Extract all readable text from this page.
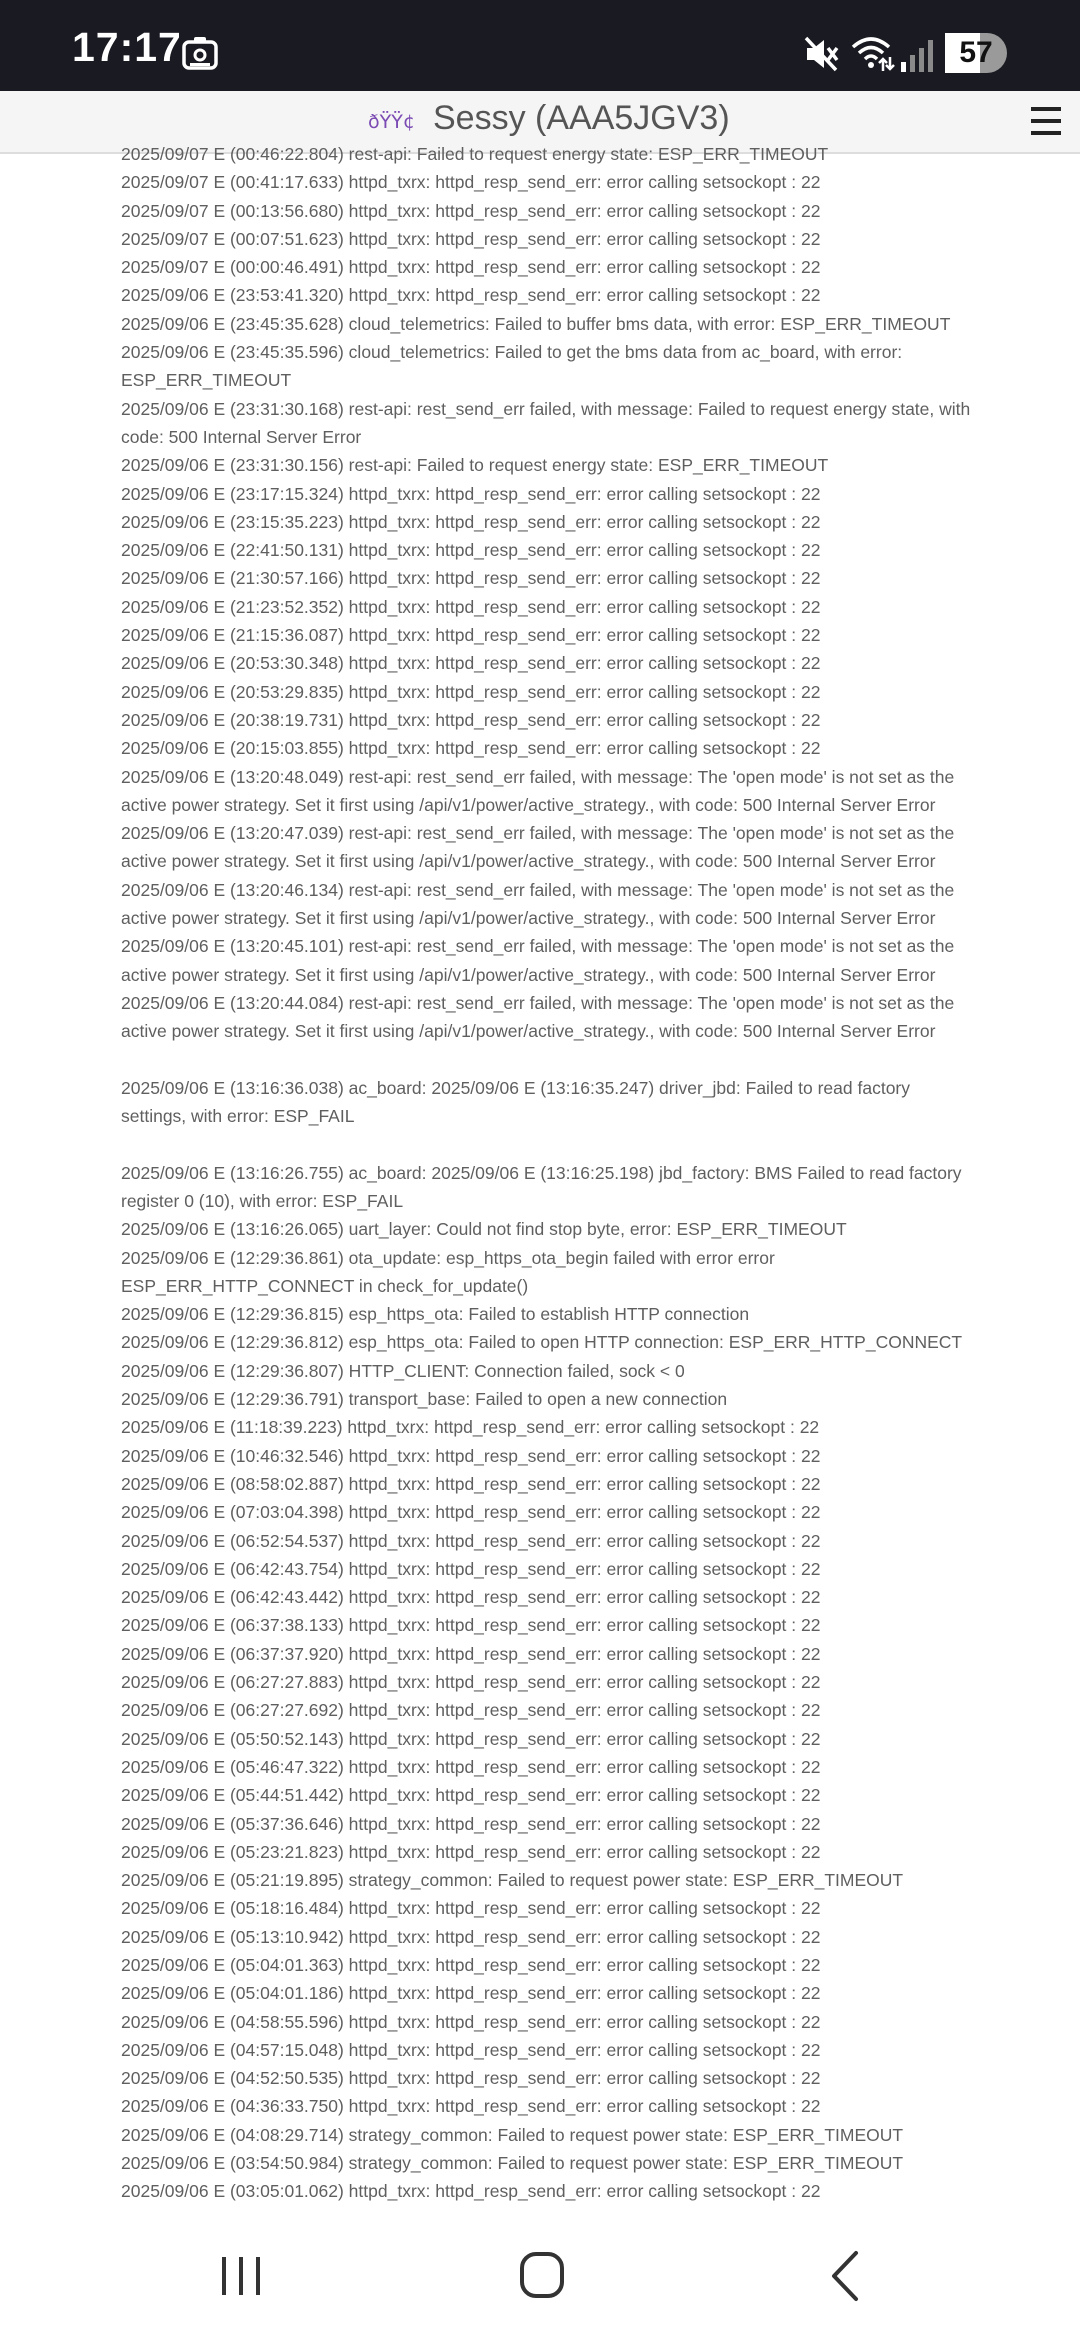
17:17	57
ðŸŸ¢ Sessy (AAA5JGV3)

2025/09/07 E (00:46:22.804) rest-api: Failed to request energy state: ESP_ERR_TIMEOUT

2025/09/07 E (00:41:17.633) httpd_txrx: httpd_resp_send_err: error calling setsockopt : 22

2025/09/07 E (00:13:56.680) httpd_txrx: httpd_resp_send_err: error calling setsockopt : 22

2025/09/07 E (00:07:51.623) httpd_txrx: httpd_resp_send_err: error calling setsockopt : 22

2025/09/07 E (00:00:46.491) httpd_txrx: httpd_resp_send_err: error calling setsockopt : 22

2025/09/06 E (23:53:41.320) httpd_txrx: httpd_resp_send_err: error calling setsockopt : 22

2025/09/06 E (23:45:35.628) cloud_telemetrics: Failed to buffer bms data, with error: ESP_ERR_TIMEOUT

2025/09/06 E (23:45:35.596) cloud_telemetrics: Failed to get the bms data from ac_board, with error: ESP_ERR_TIMEOUT

2025/09/06 E (23:31:30.168) rest-api: rest_send_err failed, with message: Failed to request energy state, with code: 500 Internal Server Error

2025/09/06 E (23:31:30.156) rest-api: Failed to request energy state: ESP_ERR_TIMEOUT

2025/09/06 E (23:17:15.324) httpd_txrx: httpd_resp_send_err: error calling setsockopt : 22

2025/09/06 E (23:15:35.223) httpd_txrx: httpd_resp_send_err: error calling setsockopt : 22

2025/09/06 E (22:41:50.131) httpd_txrx: httpd_resp_send_err: error calling setsockopt : 22

2025/09/06 E (21:30:57.166) httpd_txrx: httpd_resp_send_err: error calling setsockopt : 22

2025/09/06 E (21:23:52.352) httpd_txrx: httpd_resp_send_err: error calling setsockopt : 22

2025/09/06 E (21:15:36.087) httpd_txrx: httpd_resp_send_err: error calling setsockopt : 22

2025/09/06 E (20:53:30.348) httpd_txrx: httpd_resp_send_err: error calling setsockopt : 22

2025/09/06 E (20:53:29.835) httpd_txrx: httpd_resp_send_err: error calling setsockopt : 22

2025/09/06 E (20:38:19.731) httpd_txrx: httpd_resp_send_err: error calling setsockopt : 22

2025/09/06 E (20:15:03.855) httpd_txrx: httpd_resp_send_err: error calling setsockopt : 22

2025/09/06 E (13:20:48.049) rest-api: rest_send_err failed, with message: The 'open mode' is not set as the active power strategy. Set it first using /api/v1/power/active_strategy., with code: 500 Internal Server Error

2025/09/06 E (13:20:47.039) rest-api: rest_send_err failed, with message: The 'open mode' is not set as the active power strategy. Set it first using /api/v1/power/active_strategy., with code: 500 Internal Server Error

2025/09/06 E (13:20:46.134) rest-api: rest_send_err failed, with message: The 'open mode' is not set as the active power strategy. Set it first using /api/v1/power/active_strategy., with code: 500 Internal Server Error

2025/09/06 E (13:20:45.101) rest-api: rest_send_err failed, with message: The 'open mode' is not set as the active power strategy. Set it first using /api/v1/power/active_strategy., with code: 500 Internal Server Error

2025/09/06 E (13:20:44.084) rest-api: rest_send_err failed, with message: The 'open mode' is not set as the active power strategy. Set it first using /api/v1/power/active_strategy., with code: 500 Internal Server Error

2025/09/06 E (13:16:36.038) ac_board: 2025/09/06 E (13:16:35.247) driver_jbd: Failed to read factory settings, with error: ESP_FAIL

2025/09/06 E (13:16:26.755) ac_board: 2025/09/06 E (13:16:25.198) jbd_factory: BMS Failed to read factory register 0 (10), with error: ESP_FAIL

2025/09/06 E (13:16:26.065) uart_layer: Could not find stop byte, error: ESP_ERR_TIMEOUT

2025/09/06 E (12:29:36.861) ota_update: esp_https_ota_begin failed with error error ESP_ERR_HTTP_CONNECT in check_for_update()

2025/09/06 E (12:29:36.815) esp_https_ota: Failed to establish HTTP connection

2025/09/06 E (12:29:36.812) esp_https_ota: Failed to open HTTP connection: ESP_ERR_HTTP_CONNECT

2025/09/06 E (12:29:36.807) HTTP_CLIENT: Connection failed, sock < 0

2025/09/06 E (12:29:36.791) transport_base: Failed to open a new connection

2025/09/06 E (11:18:39.223) httpd_txrx: httpd_resp_send_err: error calling setsockopt : 22

2025/09/06 E (10:46:32.546) httpd_txrx: httpd_resp_send_err: error calling setsockopt : 22

2025/09/06 E (08:58:02.887) httpd_txrx: httpd_resp_send_err: error calling setsockopt : 22

2025/09/06 E (07:03:04.398) httpd_txrx: httpd_resp_send_err: error calling setsockopt : 22

2025/09/06 E (06:52:54.537) httpd_txrx: httpd_resp_send_err: error calling setsockopt : 22

2025/09/06 E (06:42:43.754) httpd_txrx: httpd_resp_send_err: error calling setsockopt : 22

2025/09/06 E (06:42:43.442) httpd_txrx: httpd_resp_send_err: error calling setsockopt : 22

2025/09/06 E (06:37:38.133) httpd_txrx: httpd_resp_send_err: error calling setsockopt : 22

2025/09/06 E (06:37:37.920) httpd_txrx: httpd_resp_send_err: error calling setsockopt : 22

2025/09/06 E (06:27:27.883) httpd_txrx: httpd_resp_send_err: error calling setsockopt : 22

2025/09/06 E (06:27:27.692) httpd_txrx: httpd_resp_send_err: error calling setsockopt : 22

2025/09/06 E (05:50:52.143) httpd_txrx: httpd_resp_send_err: error calling setsockopt : 22

2025/09/06 E (05:46:47.322) httpd_txrx: httpd_resp_send_err: error calling setsockopt : 22

2025/09/06 E (05:44:51.442) httpd_txrx: httpd_resp_send_err: error calling setsockopt : 22

2025/09/06 E (05:37:36.646) httpd_txrx: httpd_resp_send_err: error calling setsockopt : 22

2025/09/06 E (05:23:21.823) httpd_txrx: httpd_resp_send_err: error calling setsockopt : 22

2025/09/06 E (05:21:19.895) strategy_common: Failed to request power state: ESP_ERR_TIMEOUT

2025/09/06 E (05:18:16.484) httpd_txrx: httpd_resp_send_err: error calling setsockopt : 22

2025/09/06 E (05:13:10.942) httpd_txrx: httpd_resp_send_err: error calling setsockopt : 22

2025/09/06 E (05:04:01.363) httpd_txrx: httpd_resp_send_err: error calling setsockopt : 22

2025/09/06 E (05:04:01.186) httpd_txrx: httpd_resp_send_err: error calling setsockopt : 22

2025/09/06 E (04:58:55.596) httpd_txrx: httpd_resp_send_err: error calling setsockopt : 22

2025/09/06 E (04:57:15.048) httpd_txrx: httpd_resp_send_err: error calling setsockopt : 22

2025/09/06 E (04:52:50.535) httpd_txrx: httpd_resp_send_err: error calling setsockopt : 22

2025/09/06 E (04:36:33.750) httpd_txrx: httpd_resp_send_err: error calling setsockopt : 22

2025/09/06 E (04:08:29.714) strategy_common: Failed to request power state: ESP_ERR_TIMEOUT

2025/09/06 E (03:54:50.984) strategy_common: Failed to request power state: ESP_ERR_TIMEOUT

2025/09/06 E (03:05:01.062) httpd_txrx: httpd_resp_send_err: error calling setsockopt : 22
